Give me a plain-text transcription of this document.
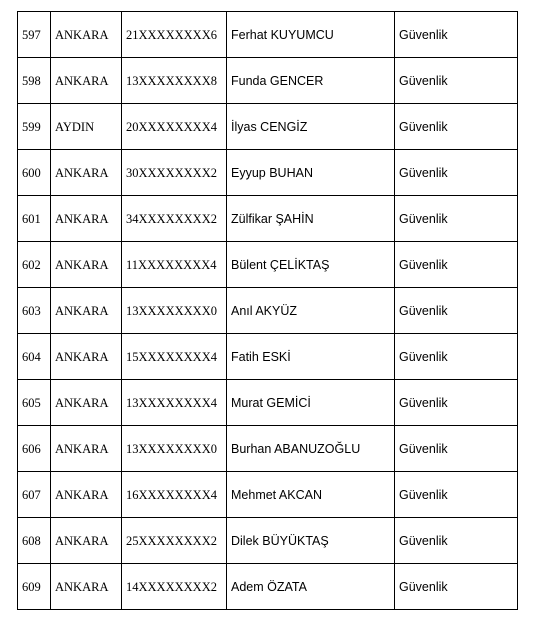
597	ANKARA	21XXXXXXXX6	Ferhat KUYUMCU	Güvenlik
598	ANKARA	13XXXXXXXX8	Funda GENCER	Güvenlik
599	AYDIN	20XXXXXXXX4	İlyas CENGİZ	Güvenlik
600	ANKARA	30XXXXXXXX2	Eyyup BUHAN	Güvenlik
601	ANKARA	34XXXXXXXX2	Zülfikar ŞAHİN	Güvenlik
602	ANKARA	11XXXXXXXX4	Bülent ÇELİKTAŞ	Güvenlik
603	ANKARA	13XXXXXXXX0	Anıl AKYÜZ	Güvenlik
604	ANKARA	15XXXXXXXX4	Fatih ESKİ	Güvenlik
605	ANKARA	13XXXXXXXX4	Murat GEMİCİ	Güvenlik
606	ANKARA	13XXXXXXXX0	Burhan ABANUZOĞLU	Güvenlik
607	ANKARA	16XXXXXXXX4	Mehmet AKCAN	Güvenlik
608	ANKARA	25XXXXXXXX2	Dilek BÜYÜKTAŞ	Güvenlik
609	ANKARA	14XXXXXXXX2	Adem ÖZATA	Güvenlik
